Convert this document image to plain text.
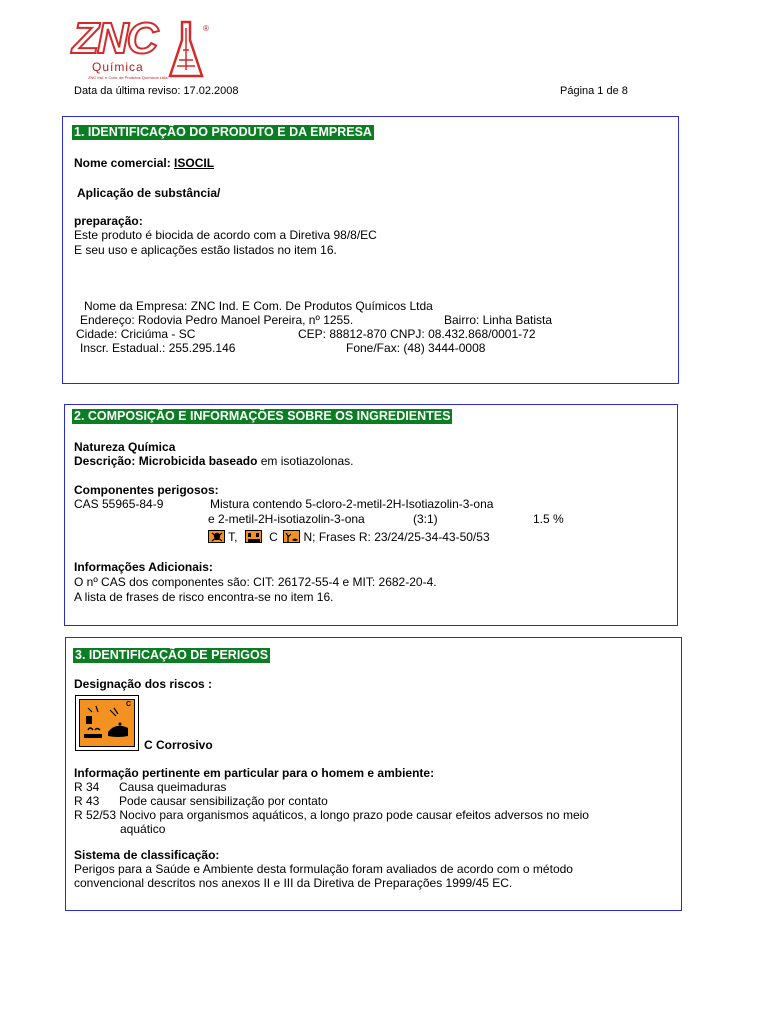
ZNC	®
Química
ZNC Ind. e Com. de Produtos Químicos Ltda.
Data da última reviso: 17.02.2008	Página 1 de 8
1. IDENTIFICAÇÃO DO PRODUTO E DA EMPRESA
Nome comercial: ISOCIL
Aplicação de substância/
preparação:
Este produto é biocida de acordo com a Diretiva 98/8/EC
E seu uso e aplicações estão listados no item 16.
Nome da Empresa: ZNC Ind. E Com. De Produtos Químicos Ltda
Endereço: Rodovia Pedro Manoel Pereira, nº 1255.	Bairro: Linha Batista
Cidade: Criciúma - SC	CEP: 88812-870 CNPJ: 08.432.868/0001-72
Inscr. Estadual.: 255.295.146	Fone/Fax: (48) 3444-0008
2. COMPOSIÇÃO E INFORMAÇÕES SOBRE OS INGREDIENTES
Natureza Química
Descrição: Microbicida baseado em isotiazolonas.
Componentes perigosos:
CAS 55965-84-9	Mistura contendo 5-cloro-2-metil-2H-Isotiazolin-3-ona
e 2-metil-2H-isotiazolin-3-ona	(3:1)	1.5 %
T,	C N; Frases R: 23/24/25-34-43-50/53
Informações Adicionais:
O nº CAS dos componentes são: CIT: 26172-55-4 e MIT: 2682-20-4.
A lista de frases de risco encontra-se no item 16.
3. IDENTIFICAÇÃO DE PERIGOS
Designação dos riscos :
C
C Corrosivo
Informação pertinente em particular para o homem e ambiente:
R 34 Causa queimaduras
R 43 Pode causar sensibilização por contato
R 52/53 Nocivo para organismos aquáticos, a longo prazo pode causar efeitos adversos no meio
aquático
Sistema de classificação:
Perigos para a Saúde e Ambiente desta formulação foram avaliados de acordo com o método
convencional descritos nos anexos II e III da Diretiva de Preparações 1999/45 EC.
